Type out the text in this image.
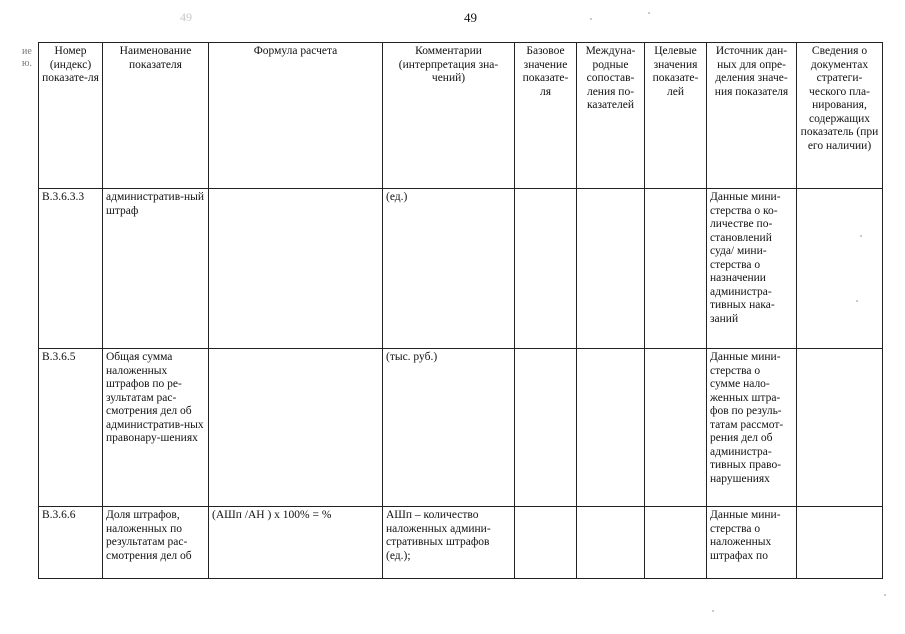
49	49
ие
ю.
Номер (индекс) показате-ля	Наименование показателя	Формула расчета	Комментарии (интерпретация зна-чений)	Базовое значение показате-ля	Междуна-родные сопостав-ления по-казателей	Целевые значения показате-лей	Источник дан-ных для опре-деления значе-ния показателя	Сведения о документах стратеги-ческого пла-нирования, содержащих показатель (при его наличии)
В.3.6.3.3	административ-ный штраф		(ед.)				Данные мини-стерства о ко-личестве по-становлений суда/ мини-стерства о назначении администра-тивных нака-заний	
В.3.6.5	Общая сумма наложенных штрафов по ре-зультатам рас-смотрения дел об административ-ных правонару-шениях		(тыс. руб.)				Данные мини-стерства о сумме нало-женных штра-фов по резуль-татам рассмот-рения дел об администра-тивных право-нарушениях	
В.3.6.6	Доля штрафов, наложенных по результатам рас-смотрения дел об	(АШп /АН ) x 100% = %	АШп – количество наложенных админи-стративных штрафов (ед.);				Данные мини-стерства о наложенных штрафах по	
